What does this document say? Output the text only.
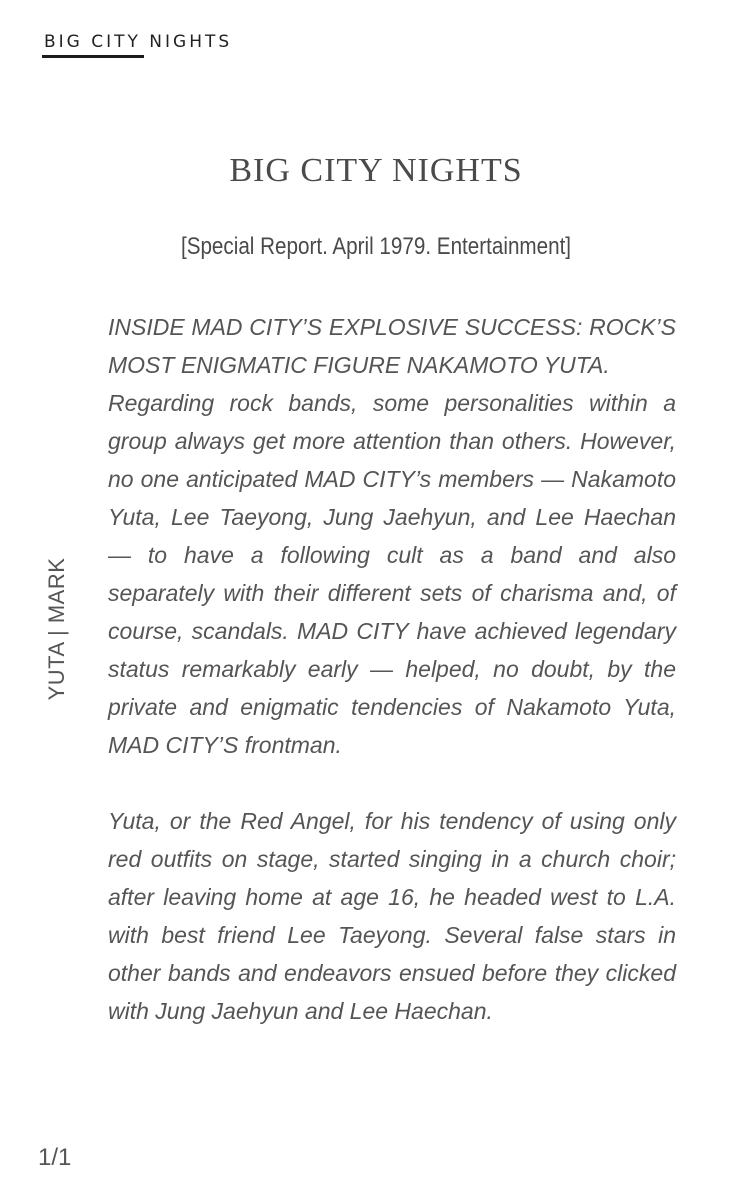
BIG CITY NIGHTS
BIG CITY NIGHTS
[Special Report. April 1979. Entertainment]

INSIDE MAD CITY’S EXPLOSIVE SUCCESS: ROCK’S MOST ENIGMATIC FIGURE NAKAMOTO YUTA.

Regarding rock bands, some personalities within a group always get more attention than others. However, no one anticipated MAD CITY’s members — Nakamoto Yuta, Lee Taeyong, Jung Jaehyun, and Lee Haechan — to have a following cult as a band and also separately with their different sets of charisma and, of course, scandals. MAD CITY have achieved legendary status remarkably early — helped, no doubt, by the private and enigmatic tendencies of Nakamoto Yuta, MAD CITY’S frontman.

Yuta, or the Red Angel, for his tendency of using only red outfits on stage, started singing in a church choir; after leaving home at age 16, he headed west to L.A. with best friend Lee Taeyong. Several false stars in other bands and endeavors ensued before they clicked with Jung Jaehyun and Lee Haechan.

YUTA | MARK
1/1
